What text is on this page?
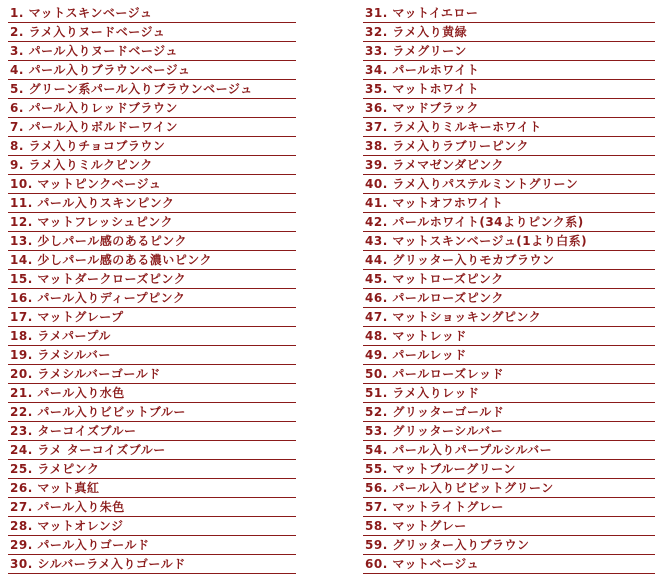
1. マットスキンベージュ
2. ラメ入りヌードベージュ
3. パール入りヌードベージュ
4. パール入りブラウンベージュ
5. グリーン系パール入りブラウンベージュ
6. パール入りレッドブラウン
7. パール入りボルドーワイン
8. ラメ入りチョコブラウン
9. ラメ入りミルクピンク
10. マットピンクベージュ
11. パール入りスキンピンク
12. マットフレッシュピンク
13. 少しパール感のあるピンク
14. 少しパール感のある濃いピンク
15. マットダークローズピンク
16. パール入りディープピンク
17. マットグレープ
18. ラメパープル
19. ラメシルバー
20. ラメシルバーゴールド
21. パール入り水色
22. パール入りビビットブルー
23. ターコイズブルー
24. ラメ ターコイズブルー
25. ラメピンク
26. マット真紅
27. パール入り朱色
28. マットオレンジ
29. パール入りゴールド
30. シルバーラメ入りゴールド
31. マットイエロー
32. ラメ入り黄緑
33. ラメグリーン
34. パールホワイト
35. マットホワイト
36. マッドブラック
37. ラメ入りミルキーホワイト
38. ラメ入りラブリーピンク
39. ラメマゼンダピンク
40. ラメ入りパステルミントグリーン
41. マットオフホワイト
42. パールホワイト(34よりピンク系)
43. マットスキンベージュ(1より白系)
44. グリッター入りモカブラウン
45. マットローズピンク
46. パールローズピンク
47. マットショッキングピンク
48. マットレッド
49. パールレッド
50. パールローズレッド
51. ラメ入りレッド
52. グリッターゴールド
53. グリッターシルバー
54. パール入りパープルシルバー
55. マットブルーグリーン
56. パール入りビビットグリーン
57. マットライトグレー
58. マットグレー
59. グリッター入りブラウン
60. マットベージュ
